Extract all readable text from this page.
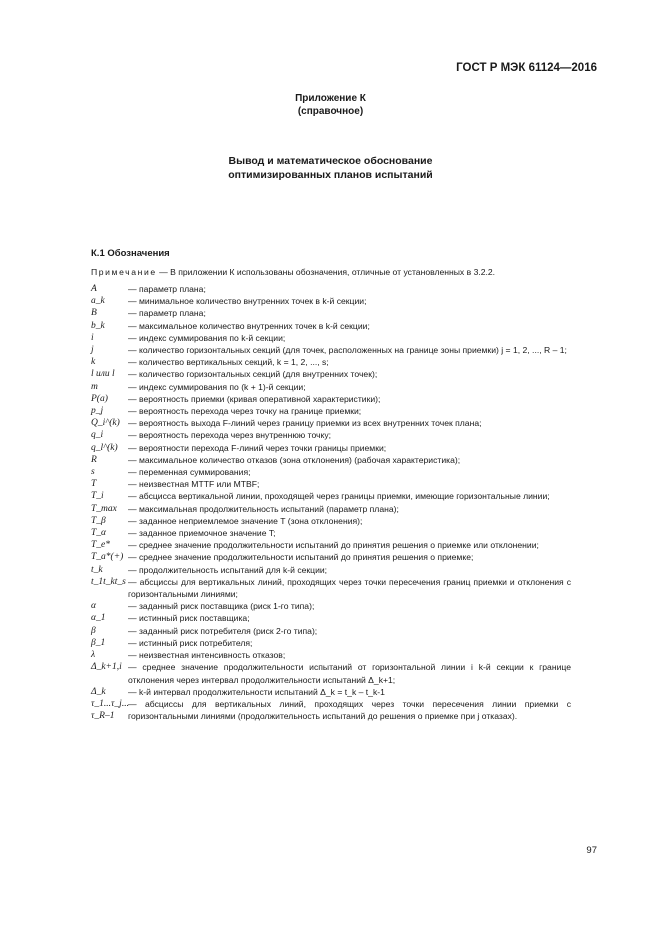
ГОСТ Р МЭК 61124—2016
Приложение К
(справочное)
Вывод и математическое обоснование
оптимизированных планов испытаний
К.1 Обозначения
Примечание — В приложении К использованы обозначения, отличные от установленных в 3.2.2.
A	— параметр плана;
a_k	— минимальное количество внутренних точек в k-й секции;
B	— параметр плана;
b_k	— максимальное количество внутренних точек в k-й секции;
i	— индекс суммирования по k-й секции;
j	— количество горизонтальных секций (для точек, расположенных на границе зоны приемки) j = 1, 2, ..., R – 1;
k	— количество вертикальных секций, k = 1, 2, ..., s;
l или l	— количество горизонтальных секций (для внутренних точек);
m	— индекс суммирования по (k + 1)-й секции;
P(a)	— вероятность приемки (кривая оперативной характеристики);
p_j	— вероятность перехода через точку на границе приемки;
Q_i^(k) — вероятность выхода F-линий через границу приемки из всех внутренних точек плана;
q_i	— вероятность перехода через внутреннюю точку;
q_l^(k)	— вероятности перехода F-линий через точки границы приемки;
R	— максимальное количество отказов (зона отклонения) (рабочая характеристика);
s	— переменная суммирования;
T	— неизвестная MTTF или MTBF;
T_i	— абсцисса вертикальной линии, проходящей через границы приемки, имеющие горизонтальные линии;
T_max	— максимальная продолжительность испытаний (параметр плана);
T_β	— заданное неприемлемое значение T (зона отклонения);
T_α	— заданное приемочное значение T;
T_e*	— среднее значение продолжительности испытаний до принятия решения о приемке или отклонении;
T_a*(+) — среднее значение продолжительности испытаний до принятия решения о приемке;
t_k	— продолжительность испытаний для k-й секции;
t_1t_kt_s — абсциссы для вертикальных линий, проходящих через точки пересечения границ приемки и отклонения с горизонтальными линиями;
α	— заданный риск поставщика (риск 1-го типа);
α_1	— истинный риск поставщика;
β	— заданный риск потребителя (риск 2-го типа);
β_1	— истинный риск потребителя;
λ	— неизвестная интенсивность отказов;
Δ_k+1,i — среднее значение продолжительности испытаний от горизонтальной линии i k-й секции к границе отклонения через интервал продолжительности испытаний Δ_k+1;
Δ_k	— k-й интервал продолжительности испытаний Δ_k = t_k – t_k-1
τ_1...τ_j... τ_R–1
— абсциссы для вертикальных линий, проходящих через точки пересечения линии приемки с горизонтальными линиями (продолжительность испытаний до решения о приемке при j отказах).
97
